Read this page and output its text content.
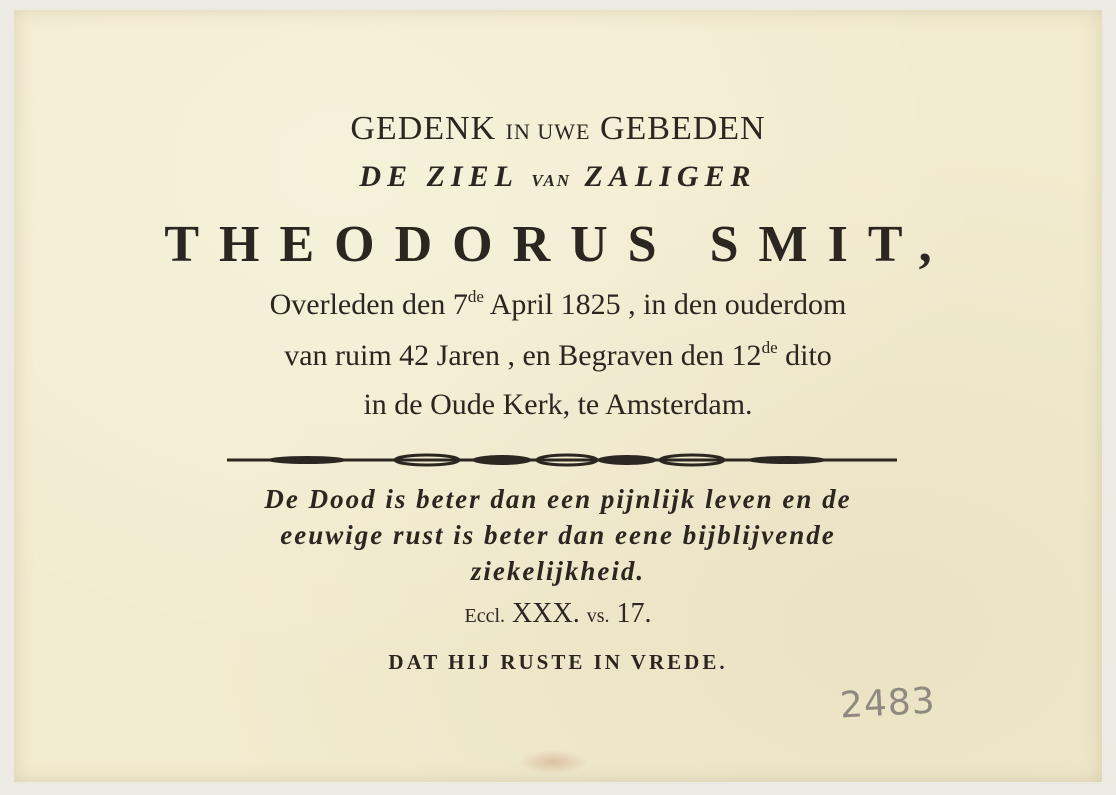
GEDENK IN UWE GEBEDEN
DE ZIEL VAN ZALIGER
THEODORUS SMIT,
Overleden den 7de April 1825 , in den ouderdom
van ruim 42 Jaren , en Begraven den 12de dito
in de Oude Kerk, te Amsterdam.
De Dood is beter dan een pijnlijk leven en de
eeuwige rust is beter dan eene bijblijvende
ziekelijkheid.
Eccl. XXX. vs. 17.
DAT HIJ RUSTE IN VREDE.
2483
